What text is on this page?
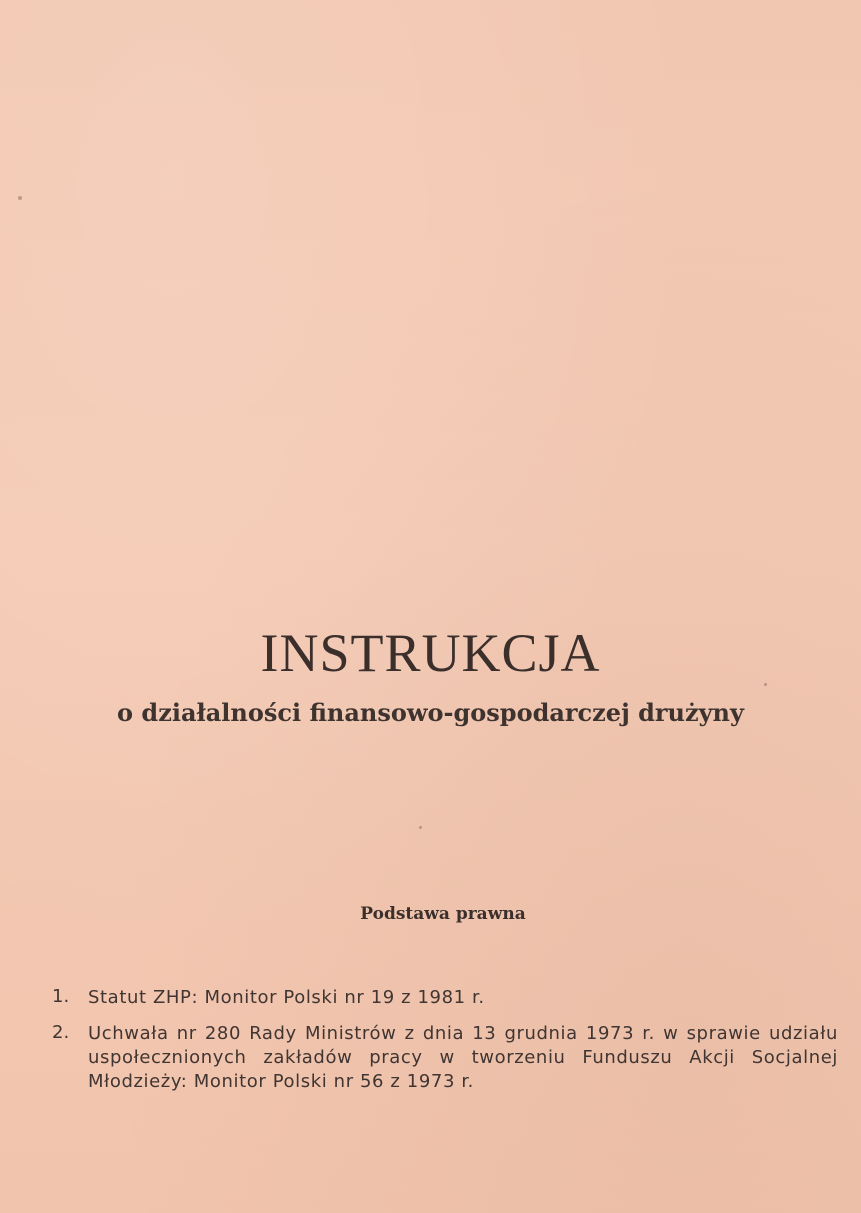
INSTRUKCJA
o działalności finansowo-gospodarczej drużyny
Podstawa prawna
1.	Statut ZHP: Monitor Polski nr 19 z 1981 r.
2.	Uchwała nr 280 Rady Ministrów z dnia 13 grudnia 1973 r. w sprawie udziału uspołecznionych zakładów pracy w tworzeniu Funduszu Akcji Socjalnej Młodzieży: Monitor Polski nr 56 z 1973 r.
